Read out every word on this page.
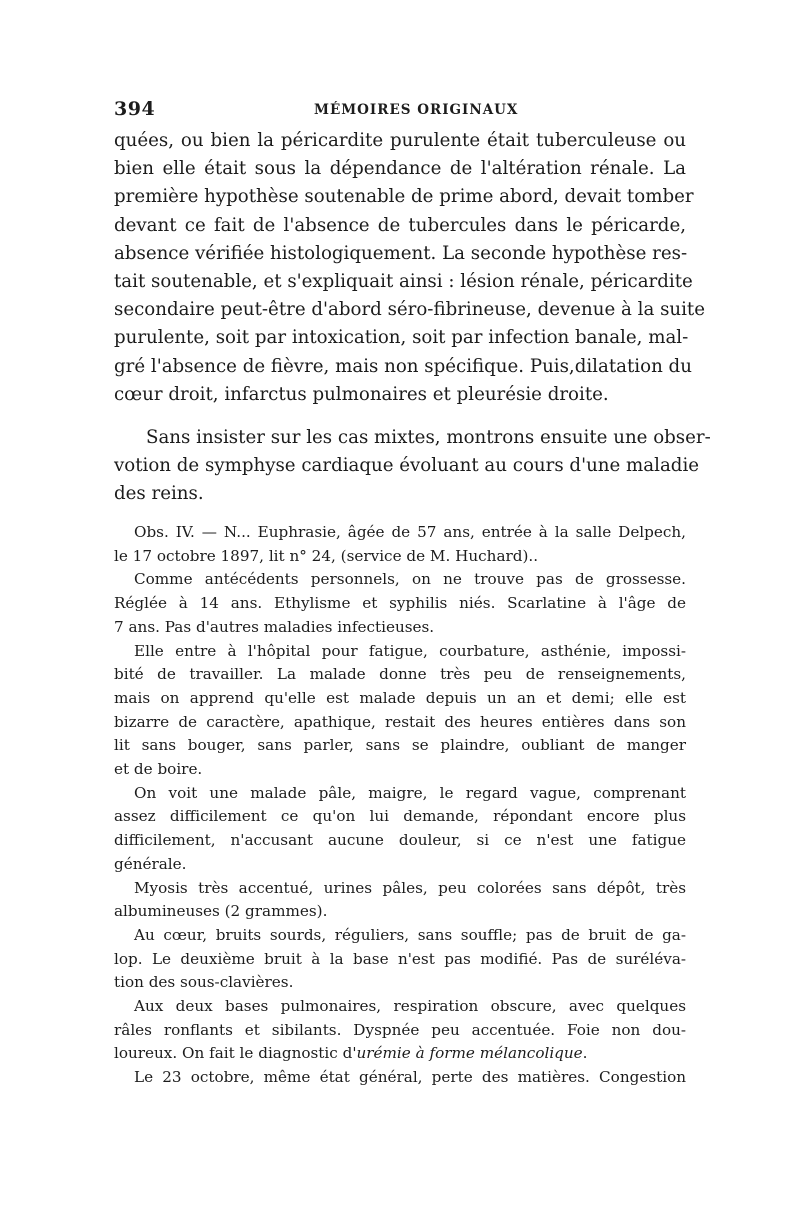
394	MÉMOIRES ORIGINAUX
quées, ou bien la péricardite purulente était tuberculeuse ou
bien elle était sous la dépendance de l'altération rénale. La
première hypothèse soutenable de prime abord, devait tomber
devant ce fait de l'absence de tubercules dans le péricarde,
absence vérifiée histologiquement. La seconde hypothèse res-
tait soutenable, et s'expliquait ainsi : lésion rénale, péricardite
secondaire peut-être d'abord séro-fibrineuse, devenue à la suite
purulente, soit par intoxication, soit par infection banale, mal-
gré l'absence de fièvre, mais non spécifique. Puis,dilatation du
cœur droit, infarctus pulmonaires et pleurésie droite.
Sans insister sur les cas mixtes, montrons ensuite une obser-
votion de symphyse cardiaque évoluant au cours d'une maladie
des reins.
Obs. IV. — N... Euphrasie, âgée de 57 ans, entrée à la salle Delpech,
le 17 octobre 1897, lit n° 24, (service de M. Huchard)..
Comme antécédents personnels, on ne trouve pas de grossesse.
Réglée à 14 ans. Ethylisme et syphilis niés. Scarlatine à l'âge de
7 ans. Pas d'autres maladies infectieuses.
Elle entre à l'hôpital pour fatigue, courbature, asthénie, impossi-
bité de travailler. La malade donne très peu de renseignements,
mais on apprend qu'elle est malade depuis un an et demi; elle est
bizarre de caractère, apathique, restait des heures entières dans son
lit sans bouger, sans parler, sans se plaindre, oubliant de manger
et de boire.
On voit une malade pâle, maigre, le regard vague, comprenant
assez difficilement ce qu'on lui demande, répondant encore plus
difficilement, n'accusant aucune douleur, si ce n'est une fatigue
générale.
Myosis très accentué, urines pâles, peu colorées sans dépôt, très
albumineuses (2 grammes).
Au cœur, bruits sourds, réguliers, sans souffle; pas de bruit de ga-
lop. Le deuxième bruit à la base n'est pas modifié. Pas de suréléva-
tion des sous-clavières.
Aux deux bases pulmonaires, respiration obscure, avec quelques
râles ronflants et sibilants. Dyspnée peu accentuée. Foie non dou-
loureux. On fait le diagnostic d'urémie à forme mélancolique.
Le 23 octobre, même état général, perte des matières. Congestion
